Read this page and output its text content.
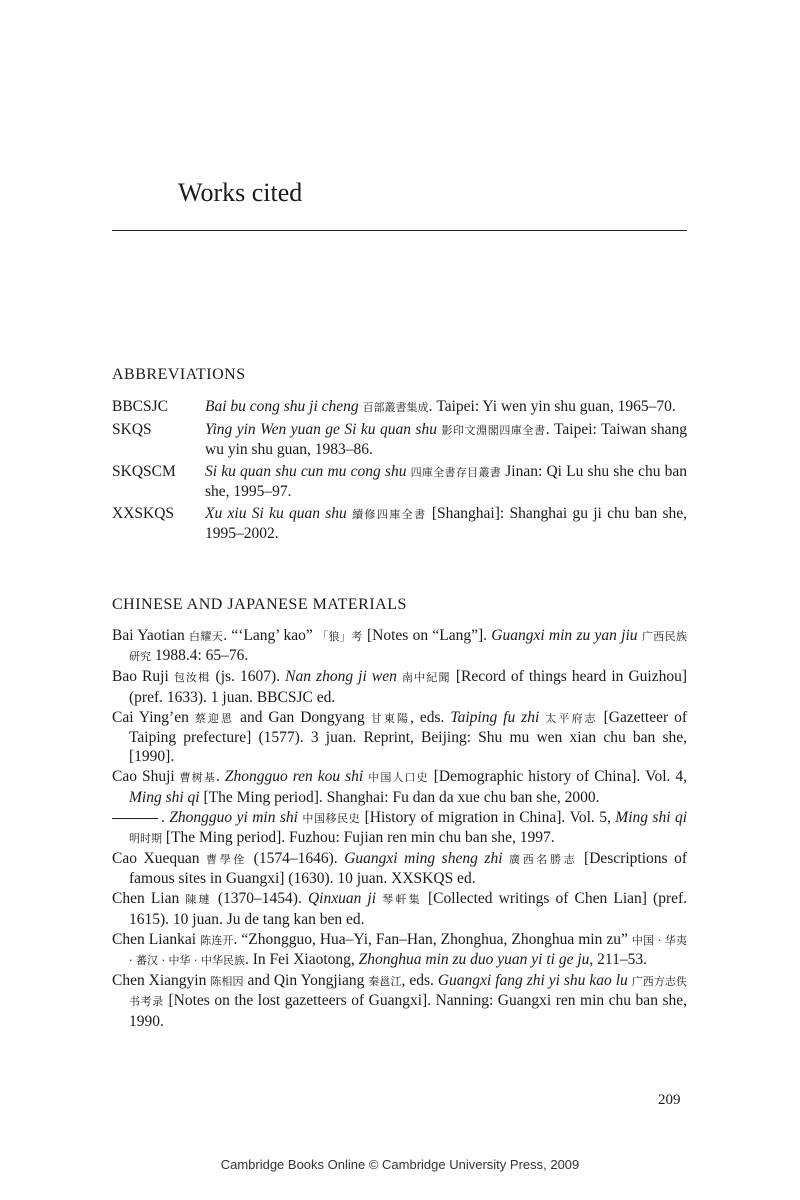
Works cited
ABBREVIATIONS
BBCSJC	Bai bu cong shu ji cheng 百部叢書集成. Taipei: Yi wen yin shu guan, 1965–70.
SKQS	Ying yin Wen yuan ge Si ku quan shu 影印文淵閣四庫全書. Taipei: Taiwan shang wu yin shu guan, 1983–86.
SKQSCM	Si ku quan shu cun mu cong shu 四庫全書存目叢書 Jinan: Qi Lu shu she chu ban she, 1995–97.
XXSKQS	Xu xiu Si ku quan shu 續修四庫全書 [Shanghai]: Shanghai gu ji chu ban she, 1995–2002.
CHINESE AND JAPANESE MATERIALS

Bai Yaotian 白耀天. “‘Lang’ kao” 「狼」考 [Notes on “Lang”]. Guangxi min zu yan jiu 广西民族研究 1988.4: 65–76.

Bao Ruji 包汝楫 (js. 1607). Nan zhong ji wen 南中紀聞 [Record of things heard in Guizhou] (pref. 1633). 1 juan. BBCSJC ed.

Cai Ying’en 蔡迎恩 and Gan Dongyang 甘東陽, eds. Taiping fu zhi 太平府志 [Gazetteer of Taiping prefecture] (1577). 3 juan. Reprint, Beijing: Shu mu wen xian chu ban she, [1990].

Cao Shuji 曹树基. Zhongguo ren kou shi 中国人口史 [Demographic history of China]. Vol. 4, Ming shi qi [The Ming period]. Shanghai: Fu dan da xue chu ban she, 2000.

. Zhongguo yi min shi 中国移民史 [History of migration in China]. Vol. 5, Ming shi qi 明时期 [The Ming period]. Fuzhou: Fujian ren min chu ban she, 1997.

Cao Xuequan 曹學佺 (1574–1646). Guangxi ming sheng zhi 廣西名勝志 [Descriptions of famous sites in Guangxi] (1630). 10 juan. XXSKQS ed.

Chen Lian 陳璉 (1370–1454). Qinxuan ji 琴軒集 [Collected writings of Chen Lian] (pref. 1615). 10 juan. Ju de tang kan ben ed.

Chen Liankai 陈连开. “Zhongguo, Hua–Yi, Fan–Han, Zhonghua, Zhonghua min zu” 中国 · 华夷 · 蕃汉 · 中华 · 中华民族. In Fei Xiaotong, Zhonghua min zu duo yuan yi ti ge ju, 211–53.

Chen Xiangyin 陈相因 and Qin Yongjiang 秦邕江, eds. Guangxi fang zhi yi shu kao lu 广西方志佚书考录 [Notes on the lost gazetteers of Guangxi]. Nanning: Guangxi ren min chu ban she, 1990.

209
Cambridge Books Online © Cambridge University Press, 2009
